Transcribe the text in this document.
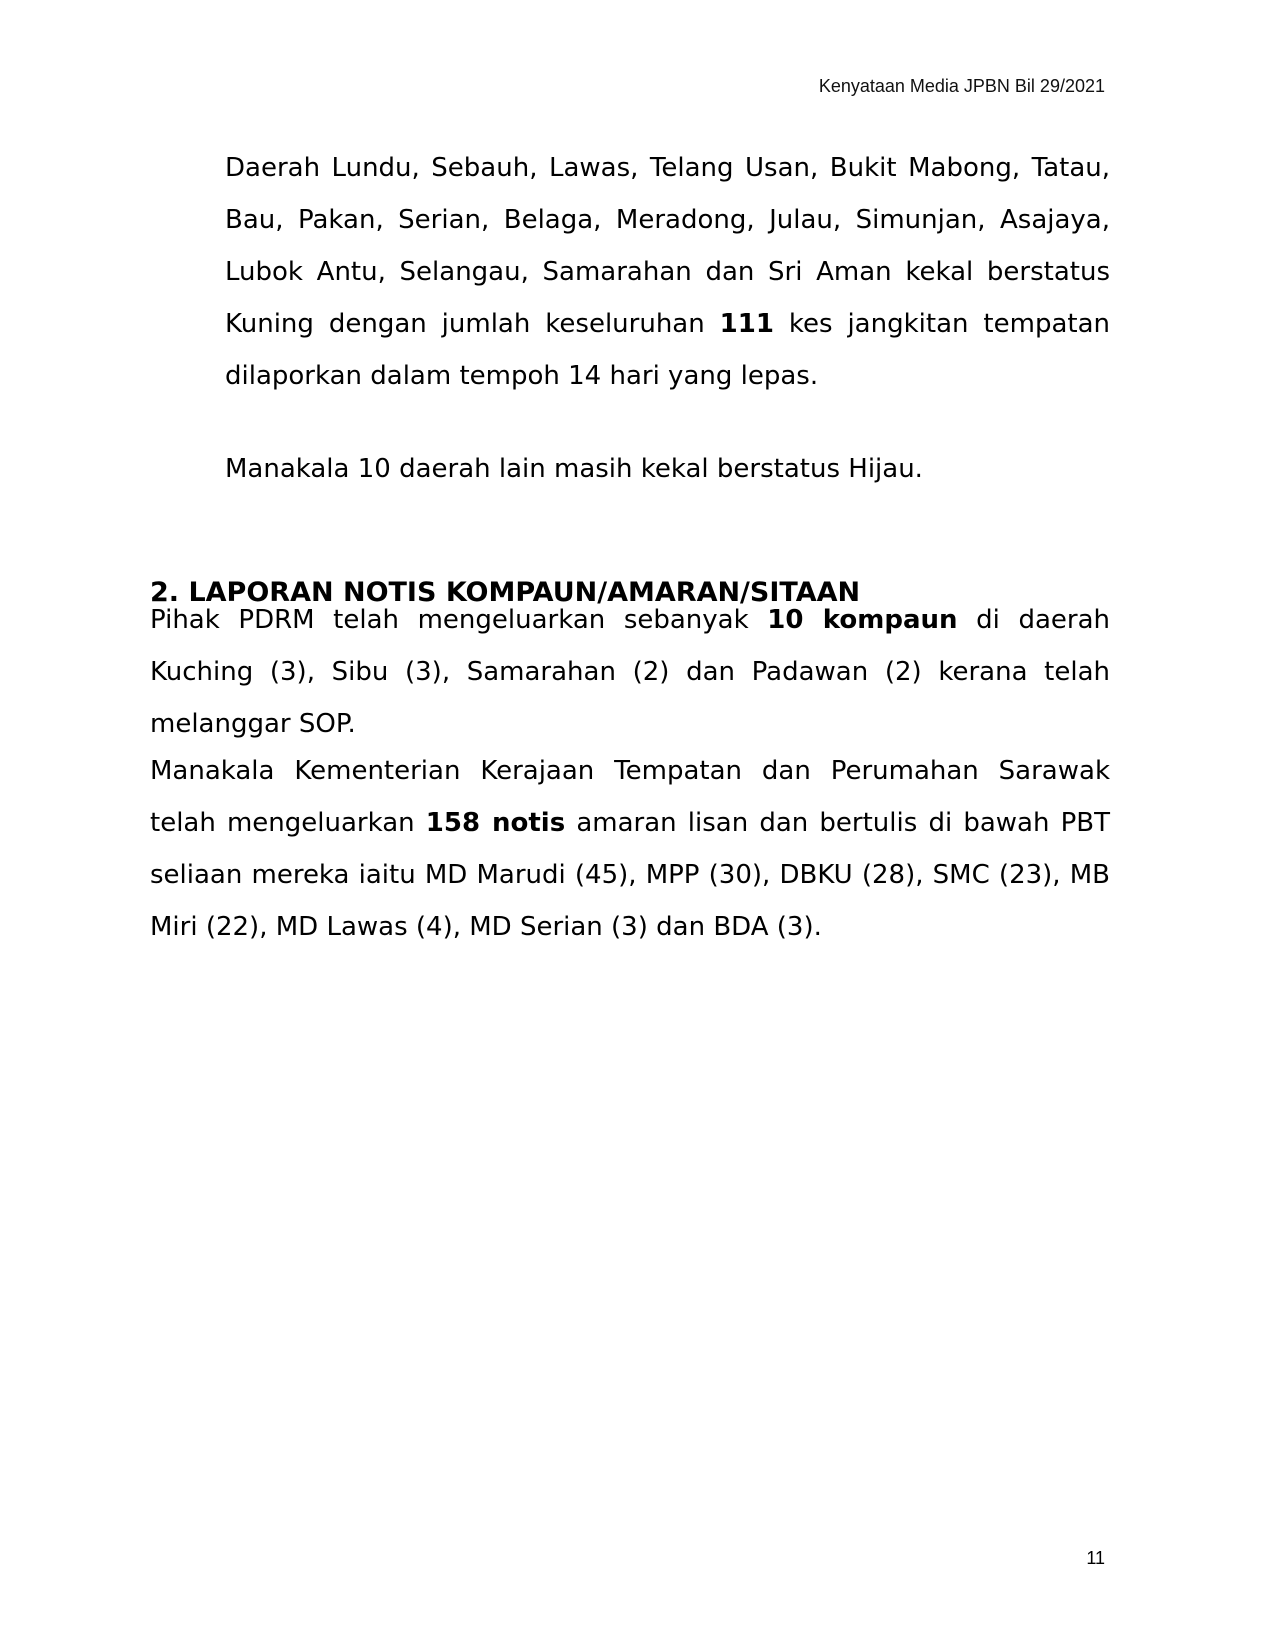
Kenyataan Media JPBN Bil 29/2021

Daerah Lundu, Sebauh, Lawas, Telang Usan, Bukit Mabong, Tatau, Bau, Pakan, Serian, Belaga, Meradong, Julau, Simunjan, Asajaya, Lubok Antu, Selangau, Samarahan dan Sri Aman kekal berstatus Kuning dengan jumlah keseluruhan 111 kes jangkitan tempatan dilaporkan dalam tempoh 14 hari yang lepas.

Manakala 10 daerah lain masih kekal berstatus Hijau.

2. LAPORAN NOTIS KOMPAUN/AMARAN/SITAAN

Pihak PDRM telah mengeluarkan sebanyak 10 kompaun di daerah Kuching (3), Sibu (3), Samarahan (2) dan Padawan (2) kerana telah melanggar SOP.

Manakala Kementerian Kerajaan Tempatan dan Perumahan Sarawak telah mengeluarkan 158 notis amaran lisan dan bertulis di bawah PBT seliaan mereka iaitu MD Marudi (45), MPP (30), DBKU (28), SMC (23), MB Miri (22), MD Lawas (4), MD Serian (3) dan BDA (3).

11
